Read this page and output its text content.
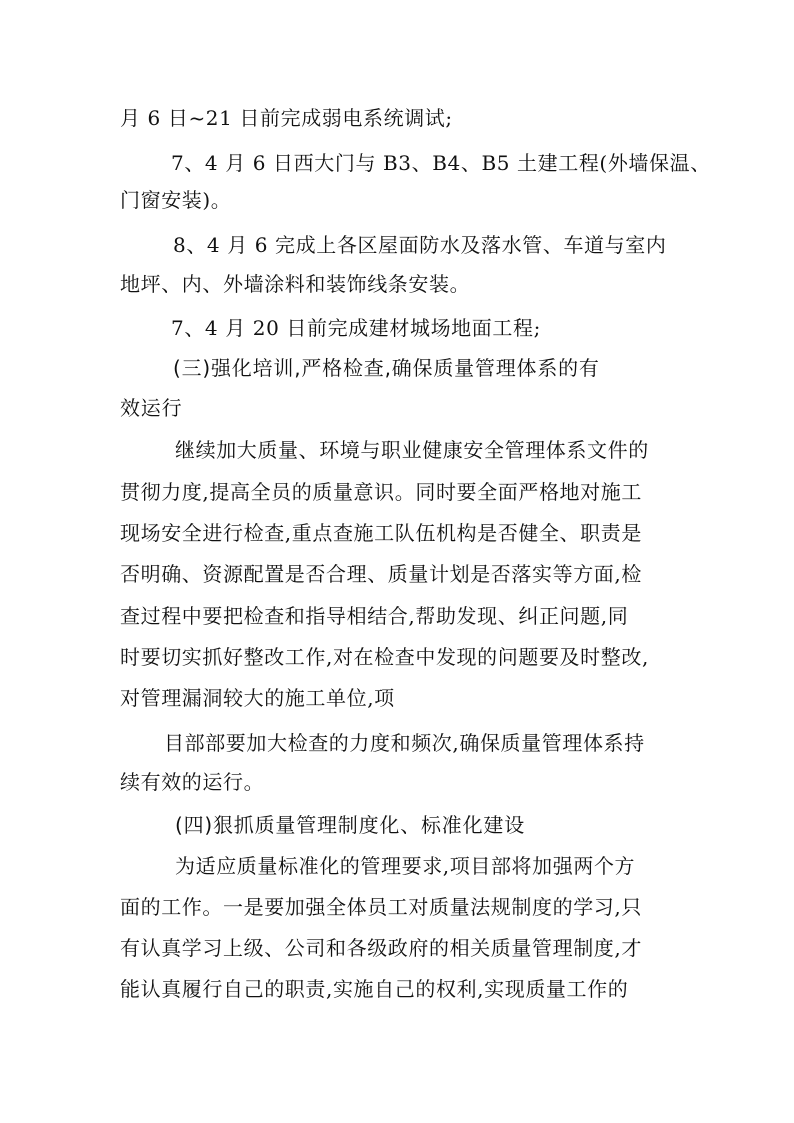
月 6 日~21 日前完成弱电系统调试;
7、4 月 6 日西大门与 B3、B4、B5 土建工程(外墙保温、
门窗安装)。
8、4 月 6 完成上各区屋面防水及落水管、车道与室内
地坪、内、外墙涂料和装饰线条安装。
7、4 月 20 日前完成建材城场地面工程;
(三)强化培训,严格检查,确保质量管理体系的有
效运行
继续加大质量、环境与职业健康安全管理体系文件的
贯彻力度,提高全员的质量意识。同时要全面严格地对施工
现场安全进行检查,重点查施工队伍机构是否健全、职责是
否明确、资源配置是否合理、质量计划是否落实等方面,检
查过程中要把检查和指导相结合,帮助发现、纠正问题,同
时要切实抓好整改工作,对在检查中发现的问题要及时整改,
对管理漏洞较大的施工单位,项
目部部要加大检查的力度和频次,确保质量管理体系持
续有效的运行。
(四)狠抓质量管理制度化、标准化建设
为适应质量标准化的管理要求,项目部将加强两个方
面的工作。一是要加强全体员工对质量法规制度的学习,只
有认真学习上级、公司和各级政府的相关质量管理制度,才
能认真履行自己的职责,实施自己的权利,实现质量工作的
